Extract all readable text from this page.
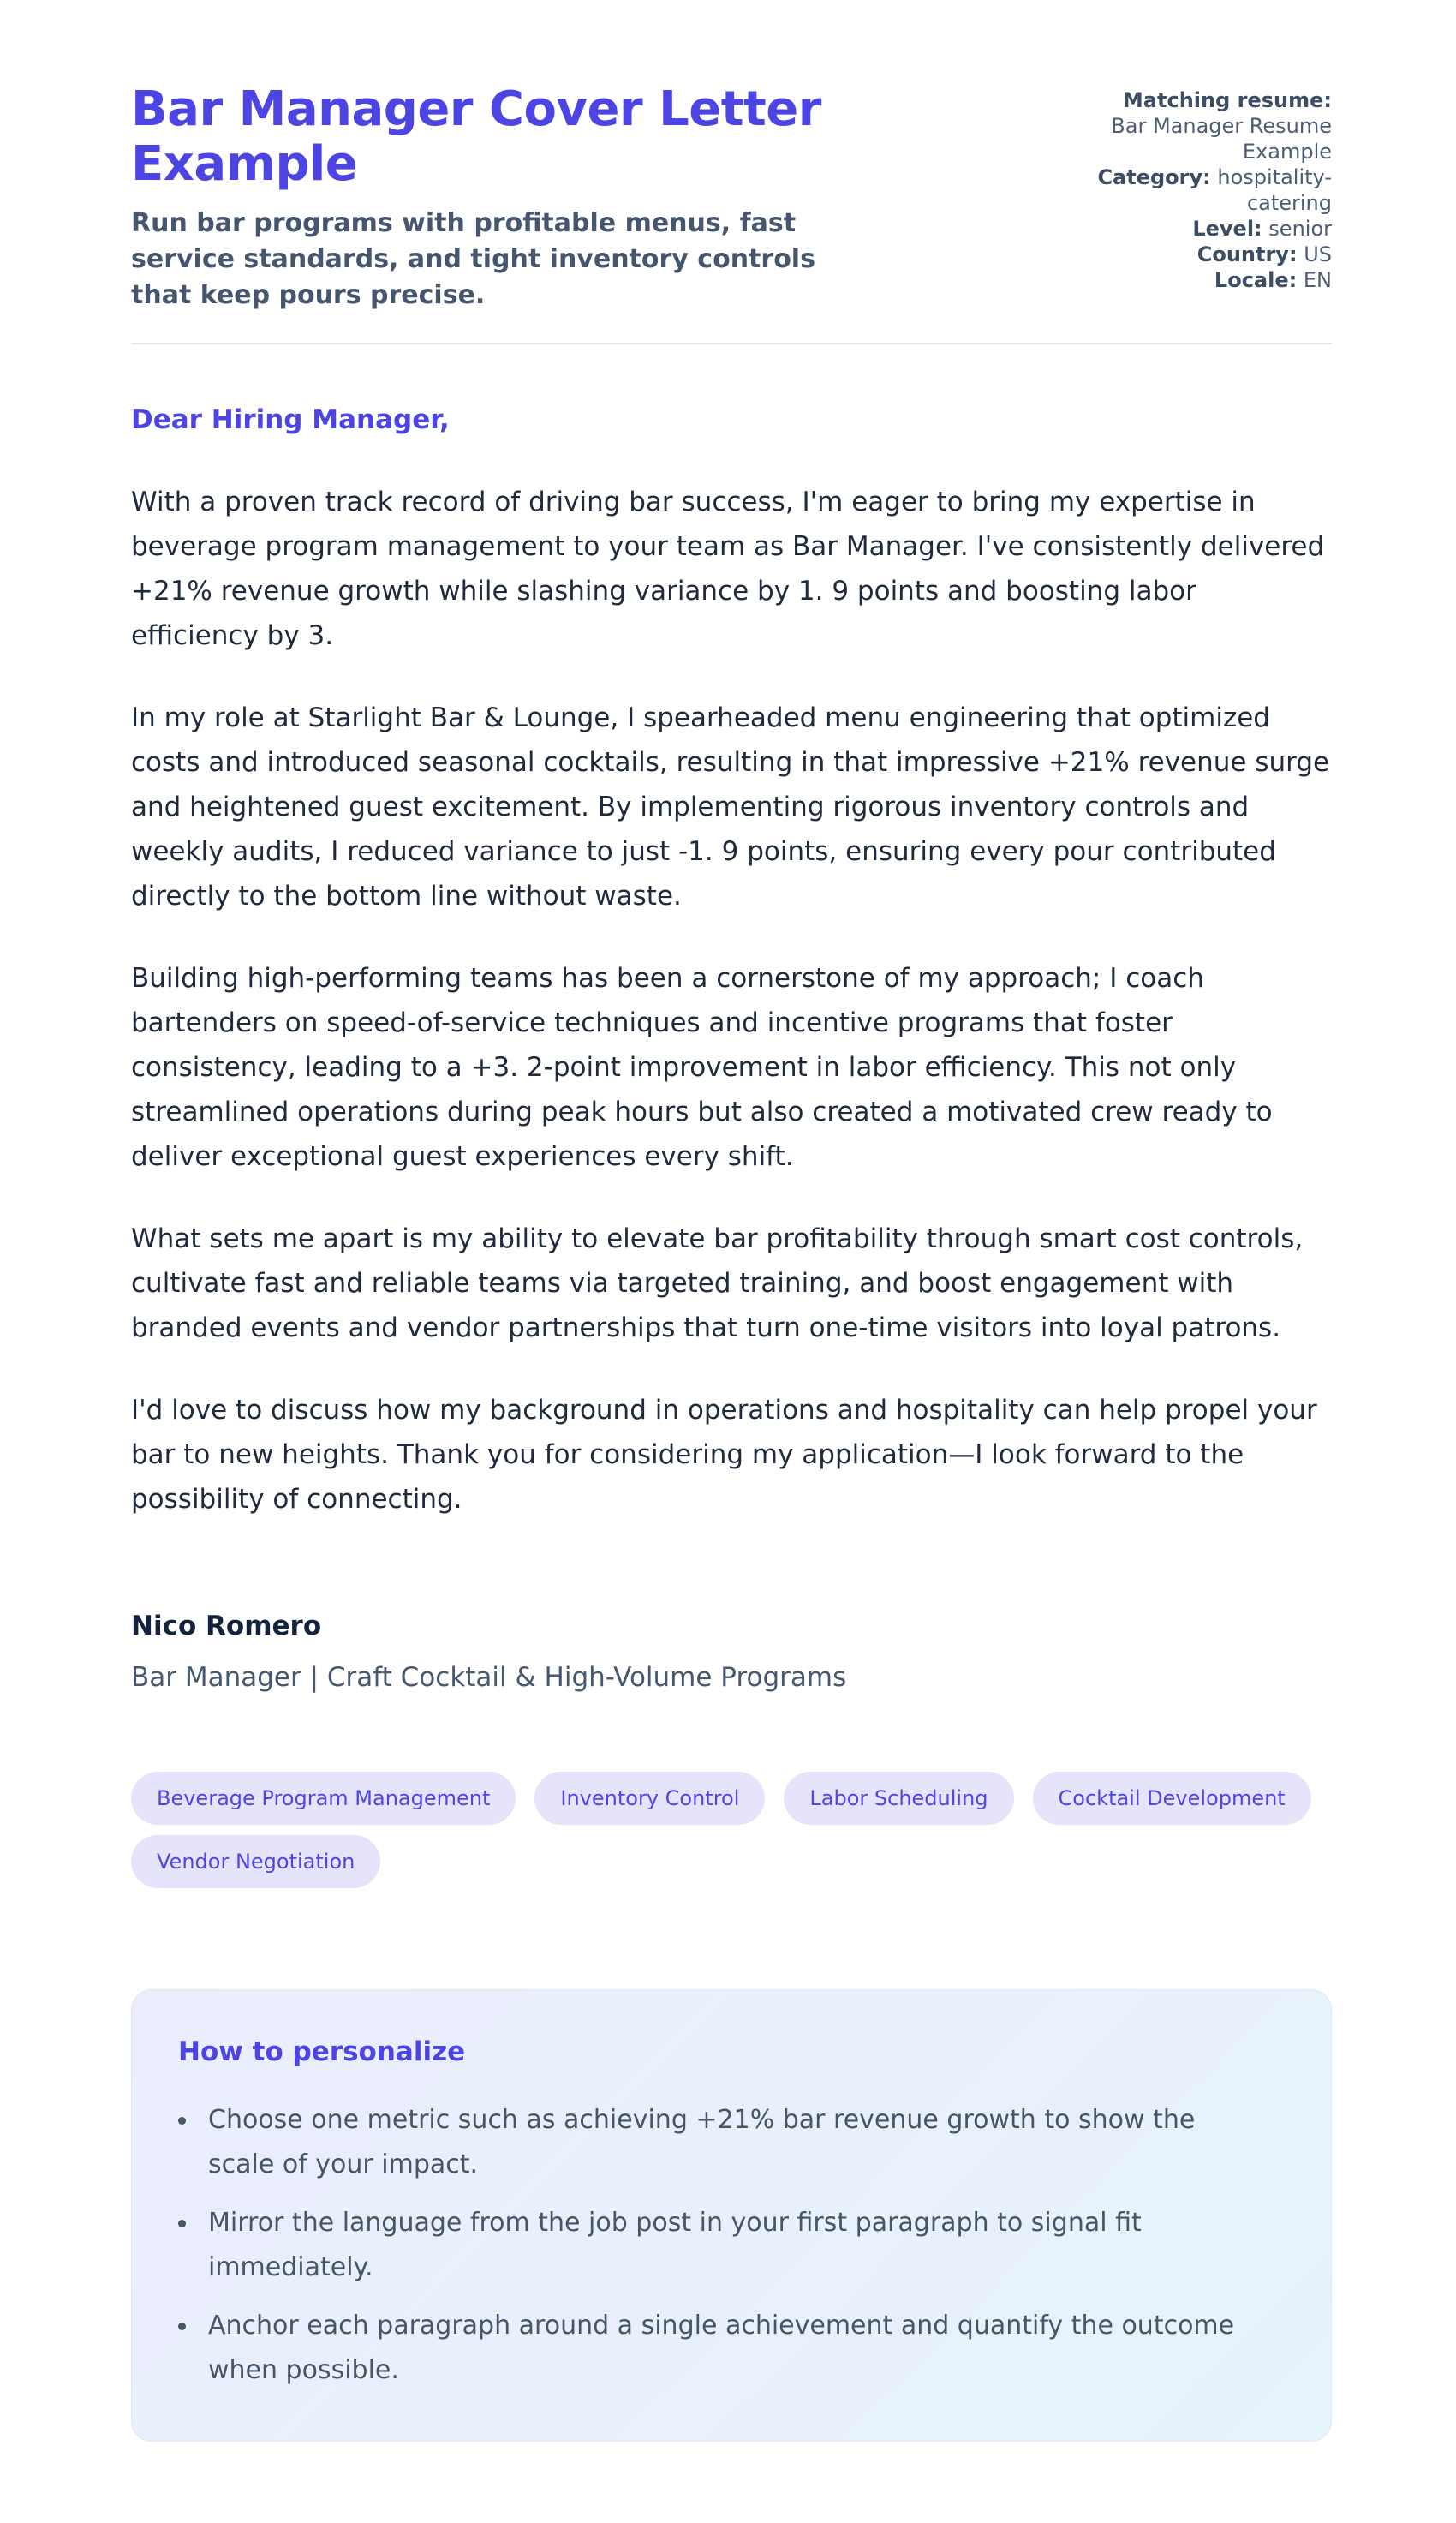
Bar Manager Cover Letter Example

Run bar programs with profitable menus, fast service standards, and tight inventory controls that keep pours precise.

Matching resume:
Bar Manager Resume Example
Category: hospitality-catering
Level: senior
Country: US
Locale: EN

Dear Hiring Manager,

With a proven track record of driving bar success, I'm eager to bring my expertise in beverage program management to your team as Bar Manager. I've consistently delivered +21% revenue growth while slashing variance by 1. 9 points and boosting labor efficiency by 3.

In my role at Starlight Bar & Lounge, I spearheaded menu engineering that optimized costs and introduced seasonal cocktails, resulting in that impressive +21% revenue surge and heightened guest excitement. By implementing rigorous inventory controls and weekly audits, I reduced variance to just -1. 9 points, ensuring every pour contributed directly to the bottom line without waste.

Building high-performing teams has been a cornerstone of my approach; I coach bartenders on speed-of-service techniques and incentive programs that foster consistency, leading to a +3. 2-point improvement in labor efficiency. This not only streamlined operations during peak hours but also created a motivated crew ready to deliver exceptional guest experiences every shift.

What sets me apart is my ability to elevate bar profitability through smart cost controls, cultivate fast and reliable teams via targeted training, and boost engagement with branded events and vendor partnerships that turn one-time visitors into loyal patrons.

I'd love to discuss how my background in operations and hospitality can help propel your bar to new heights. Thank you for considering my application—I look forward to the possibility of connecting.

Nico Romero

Bar Manager | Craft Cocktail & High-Volume Programs

Beverage Program Management	Inventory Control	Labor Scheduling	Cocktail Development
Vendor Negotiation
How to personalize
Choose one metric such as achieving +21% bar revenue growth to show the scale of your impact.
Mirror the language from the job post in your first paragraph to signal fit immediately.
Anchor each paragraph around a single achievement and quantify the outcome when possible.
